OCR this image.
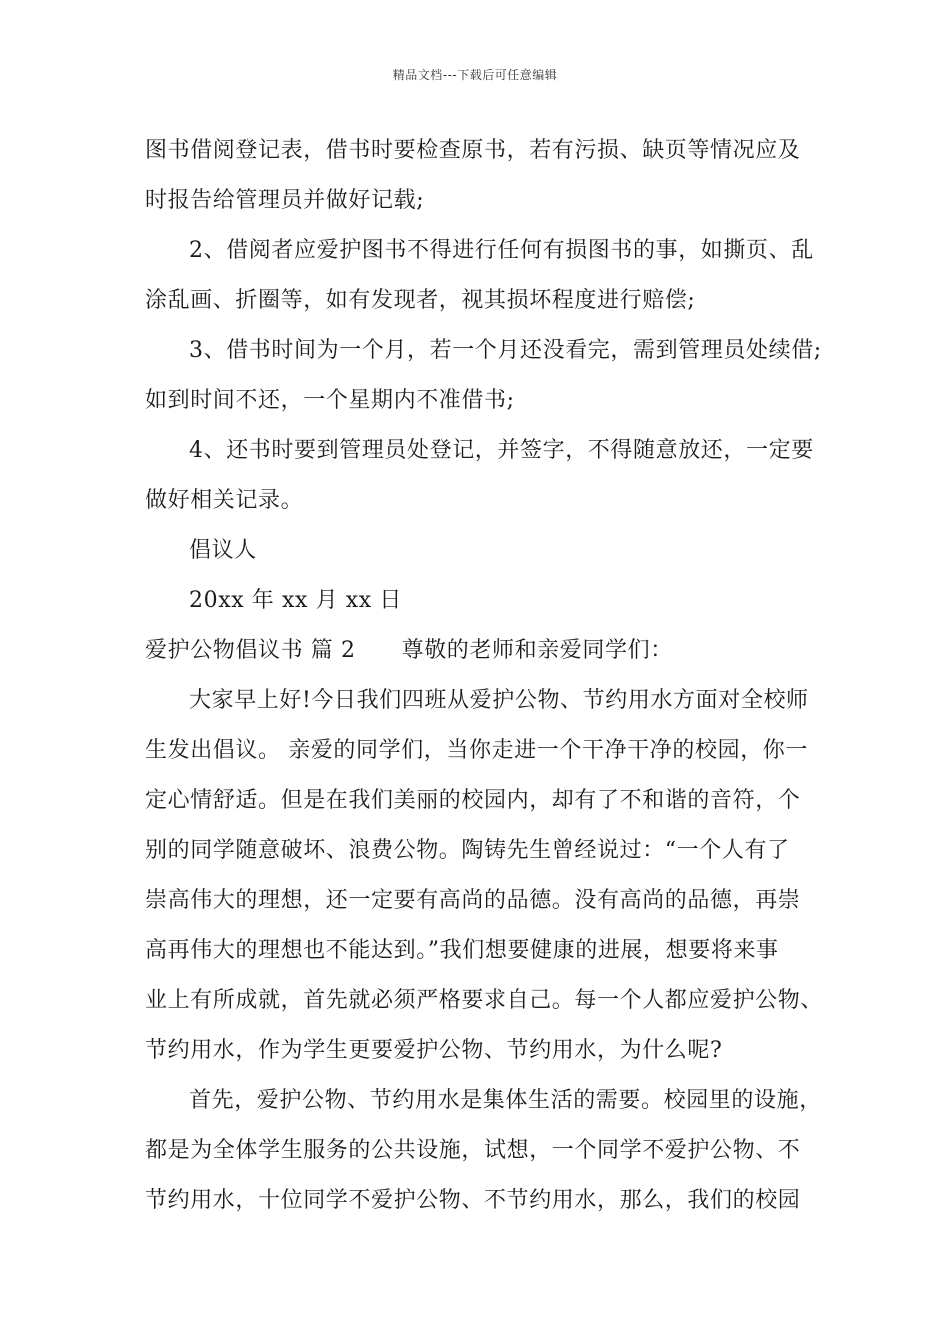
精品文档---下载后可任意编辑
图书借阅登记表，借书时要检查原书，若有污损、缺页等情况应及
时报告给管理员并做好记载;
2、借阅者应爱护图书不得进行任何有损图书的事，如撕页、乱
涂乱画、折圈等，如有发现者，视其损坏程度进行赔偿;
3、借书时间为一个月，若一个月还没看完，需到管理员处续借;
如到时间不还，一个星期内不准借书;
4、还书时要到管理员处登记，并签字，不得随意放还，一定要
做好相关记录。
倡议人
20xx 年 xx 月 xx 日
爱护公物倡议书 篇 2 尊敬的老师和亲爱同学们：
大家早上好!今日我们四班从爱护公物、节约用水方面对全校师
生发出倡议。 亲爱的同学们，当你走进一个干净干净的校园，你一
定心情舒适。但是在我们美丽的校园内，却有了不和谐的音符，个
别的同学随意破坏、浪费公物。陶铸先生曾经说过：“一个人有了
崇高伟大的理想，还一定要有高尚的品德。没有高尚的品德，再崇
高再伟大的理想也不能达到。”我们想要健康的进展，想要将来事
业上有所成就，首先就必须严格要求自己。每一个人都应爱护公物、
节约用水，作为学生更要爱护公物、节约用水，为什么呢?
首先，爱护公物、节约用水是集体生活的需要。校园里的设施，
都是为全体学生服务的公共设施，试想，一个同学不爱护公物、不
节约用水，十位同学不爱护公物、不节约用水，那么，我们的校园
